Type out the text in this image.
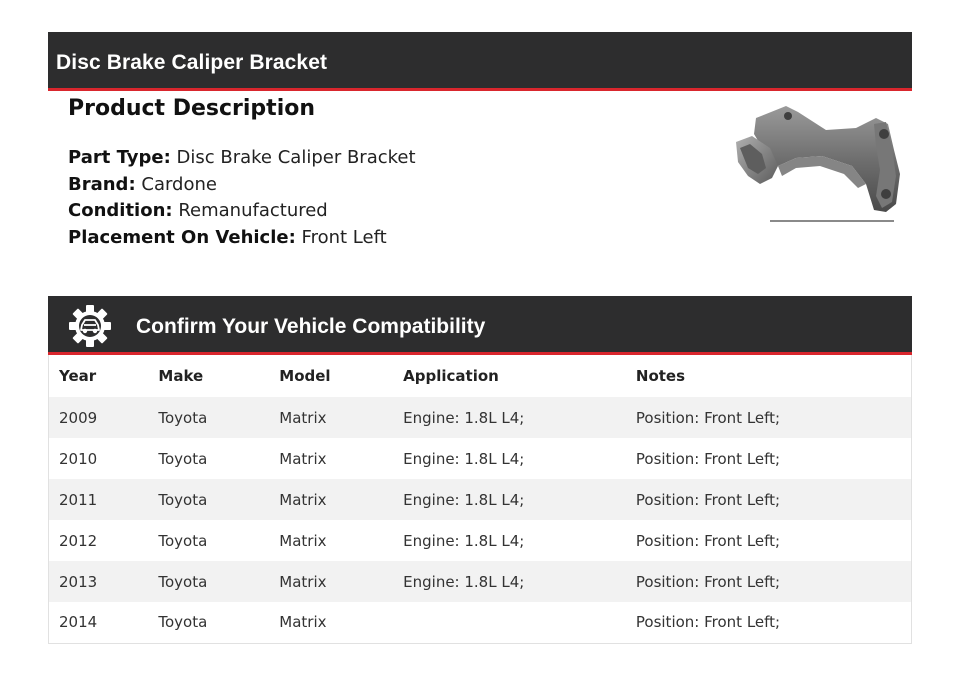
Disc Brake Caliper Bracket
Product Description
Part Type: Disc Brake Caliper Bracket
Brand: Cardone
Condition: Remanufactured
Placement On Vehicle: Front Left
Confirm Your Vehicle Compatibility
Year	Make	Model	Application	Notes
2009	Toyota	Matrix	Engine: 1.8L L4;	Position: Front Left;
2010	Toyota	Matrix	Engine: 1.8L L4;	Position: Front Left;
2011	Toyota	Matrix	Engine: 1.8L L4;	Position: Front Left;
2012	Toyota	Matrix	Engine: 1.8L L4;	Position: Front Left;
2013	Toyota	Matrix	Engine: 1.8L L4;	Position: Front Left;
2014	Toyota	Matrix		Position: Front Left;
